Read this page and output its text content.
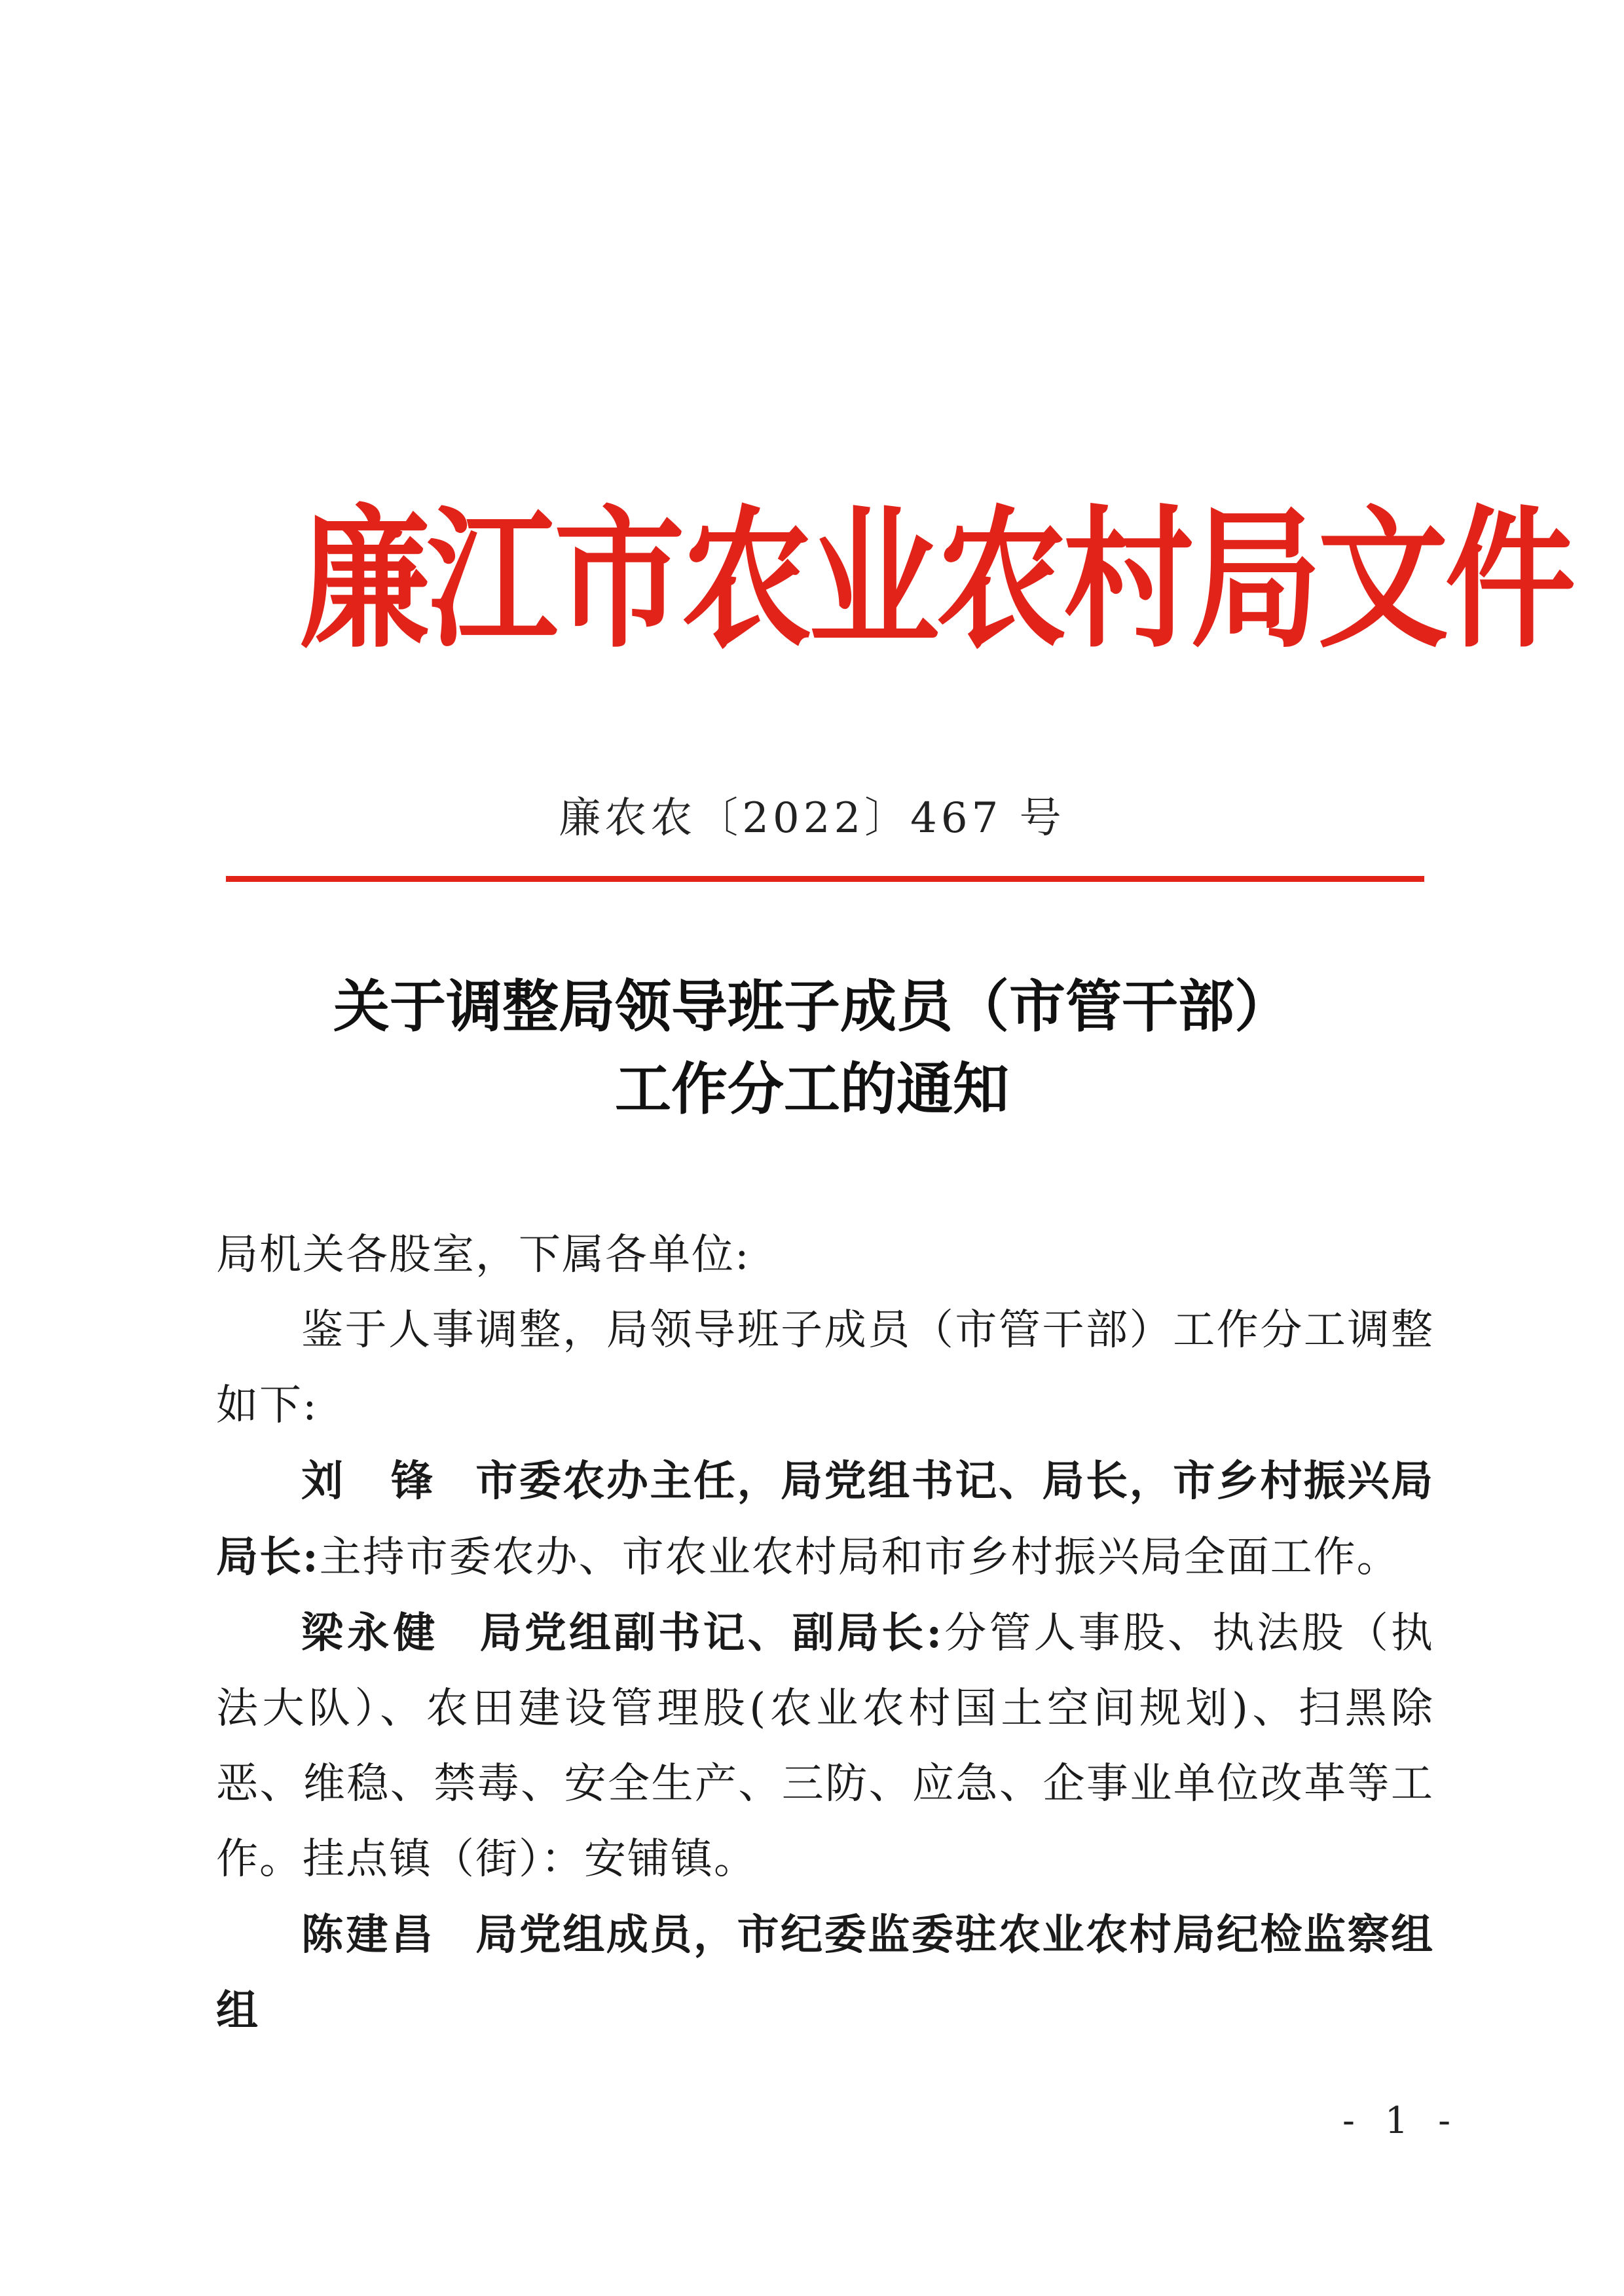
廉江市农业农村局文件
廉农农〔2022〕467 号
关于调整局领导班子成员（市管干部）
工作分工的通知

局机关各股室，下属各单位:

鉴于人事调整，局领导班子成员（市管干部）工作分工调整如下:

刘　锋 市委农办主任，局党组书记、局长，市乡村振兴局局长:主持市委农办、市农业农村局和市乡村振兴局全面工作。

梁永健 局党组副书记、副局长:分管人事股、执法股（执法大队）、农田建设管理股(农业农村国土空间规划)、扫黑除恶、维稳、禁毒、安全生产、三防、应急、企事业单位改革等工作。挂点镇（街）：安铺镇。

陈建昌 局党组成员，市纪委监委驻农业农村局纪检监察组组

- 1 -
